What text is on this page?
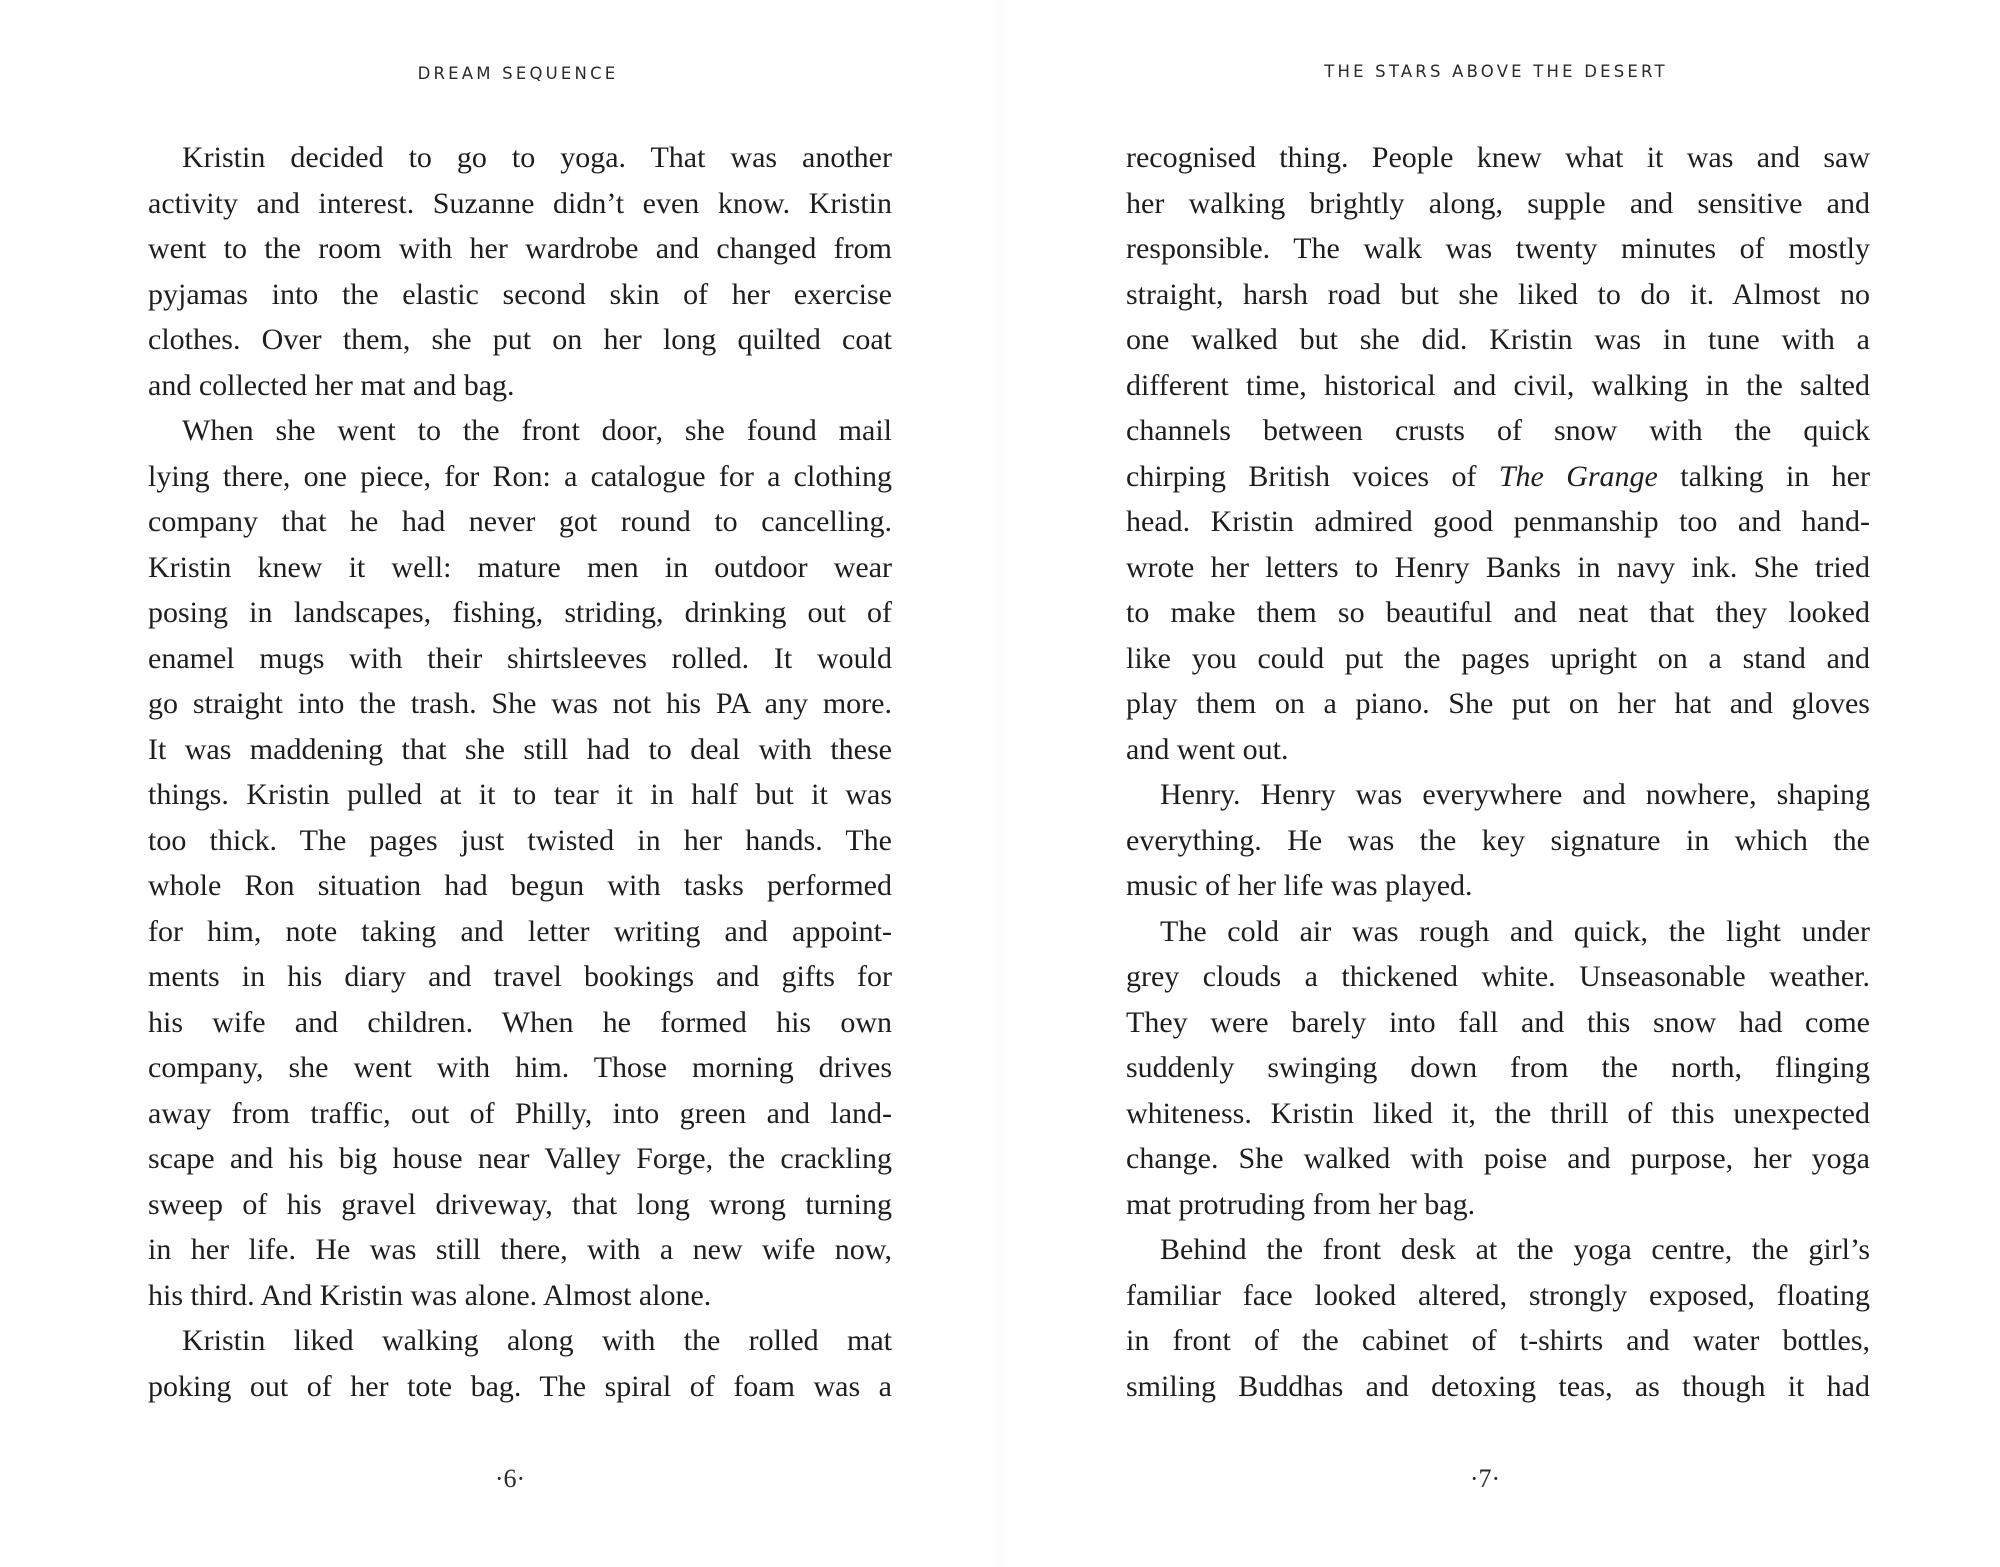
DREAM SEQUENCE
Kristin decided to go to yoga. That was another
activity and interest. Suzanne didn’t even know. Kristin
went to the room with her wardrobe and changed from
pyjamas into the elastic second skin of her exercise
clothes. Over them, she put on her long quilted coat
and collected her mat and bag.
When she went to the front door, she found mail
lying there, one piece, for Ron: a catalogue for a clothing
company that he had never got round to cancelling.
Kristin knew it well: mature men in outdoor wear
posing in landscapes, fishing, striding, drinking out of
enamel mugs with their shirtsleeves rolled. It would
go straight into the trash. She was not his PA any more.
It was maddening that she still had to deal with these
things. Kristin pulled at it to tear it in half but it was
too thick. The pages just twisted in her hands. The
whole Ron situation had begun with tasks performed
for him, note taking and letter writing and appoint-
ments in his diary and travel bookings and gifts for
his wife and children. When he formed his own
company, she went with him. Those morning drives
away from traffic, out of Philly, into green and land-
scape and his big house near Valley Forge, the crackling
sweep of his gravel driveway, that long wrong turning
in her life. He was still there, with a new wife now,
his third. And Kristin was alone. Almost alone.
Kristin liked walking along with the rolled mat
poking out of her tote bag. The spiral of foam was a
·6·
THE STARS ABOVE THE DESERT
recognised thing. People knew what it was and saw
her walking brightly along, supple and sensitive and
responsible. The walk was twenty minutes of mostly
straight, harsh road but she liked to do it. Almost no
one walked but she did. Kristin was in tune with a
different time, historical and civil, walking in the salted
channels between crusts of snow with the quick
chirping British voices of The Grange talking in her
head. Kristin admired good penmanship too and hand-
wrote her letters to Henry Banks in navy ink. She tried
to make them so beautiful and neat that they looked
like you could put the pages upright on a stand and
play them on a piano. She put on her hat and gloves
and went out.
Henry. Henry was everywhere and nowhere, shaping
everything. He was the key signature in which the
music of her life was played.
The cold air was rough and quick, the light under
grey clouds a thickened white. Unseasonable weather.
They were barely into fall and this snow had come
suddenly swinging down from the north, flinging
whiteness. Kristin liked it, the thrill of this unexpected
change. She walked with poise and purpose, her yoga
mat protruding from her bag.
Behind the front desk at the yoga centre, the girl’s
familiar face looked altered, strongly exposed, floating
in front of the cabinet of t-shirts and water bottles,
smiling Buddhas and detoxing teas, as though it had
·7·
